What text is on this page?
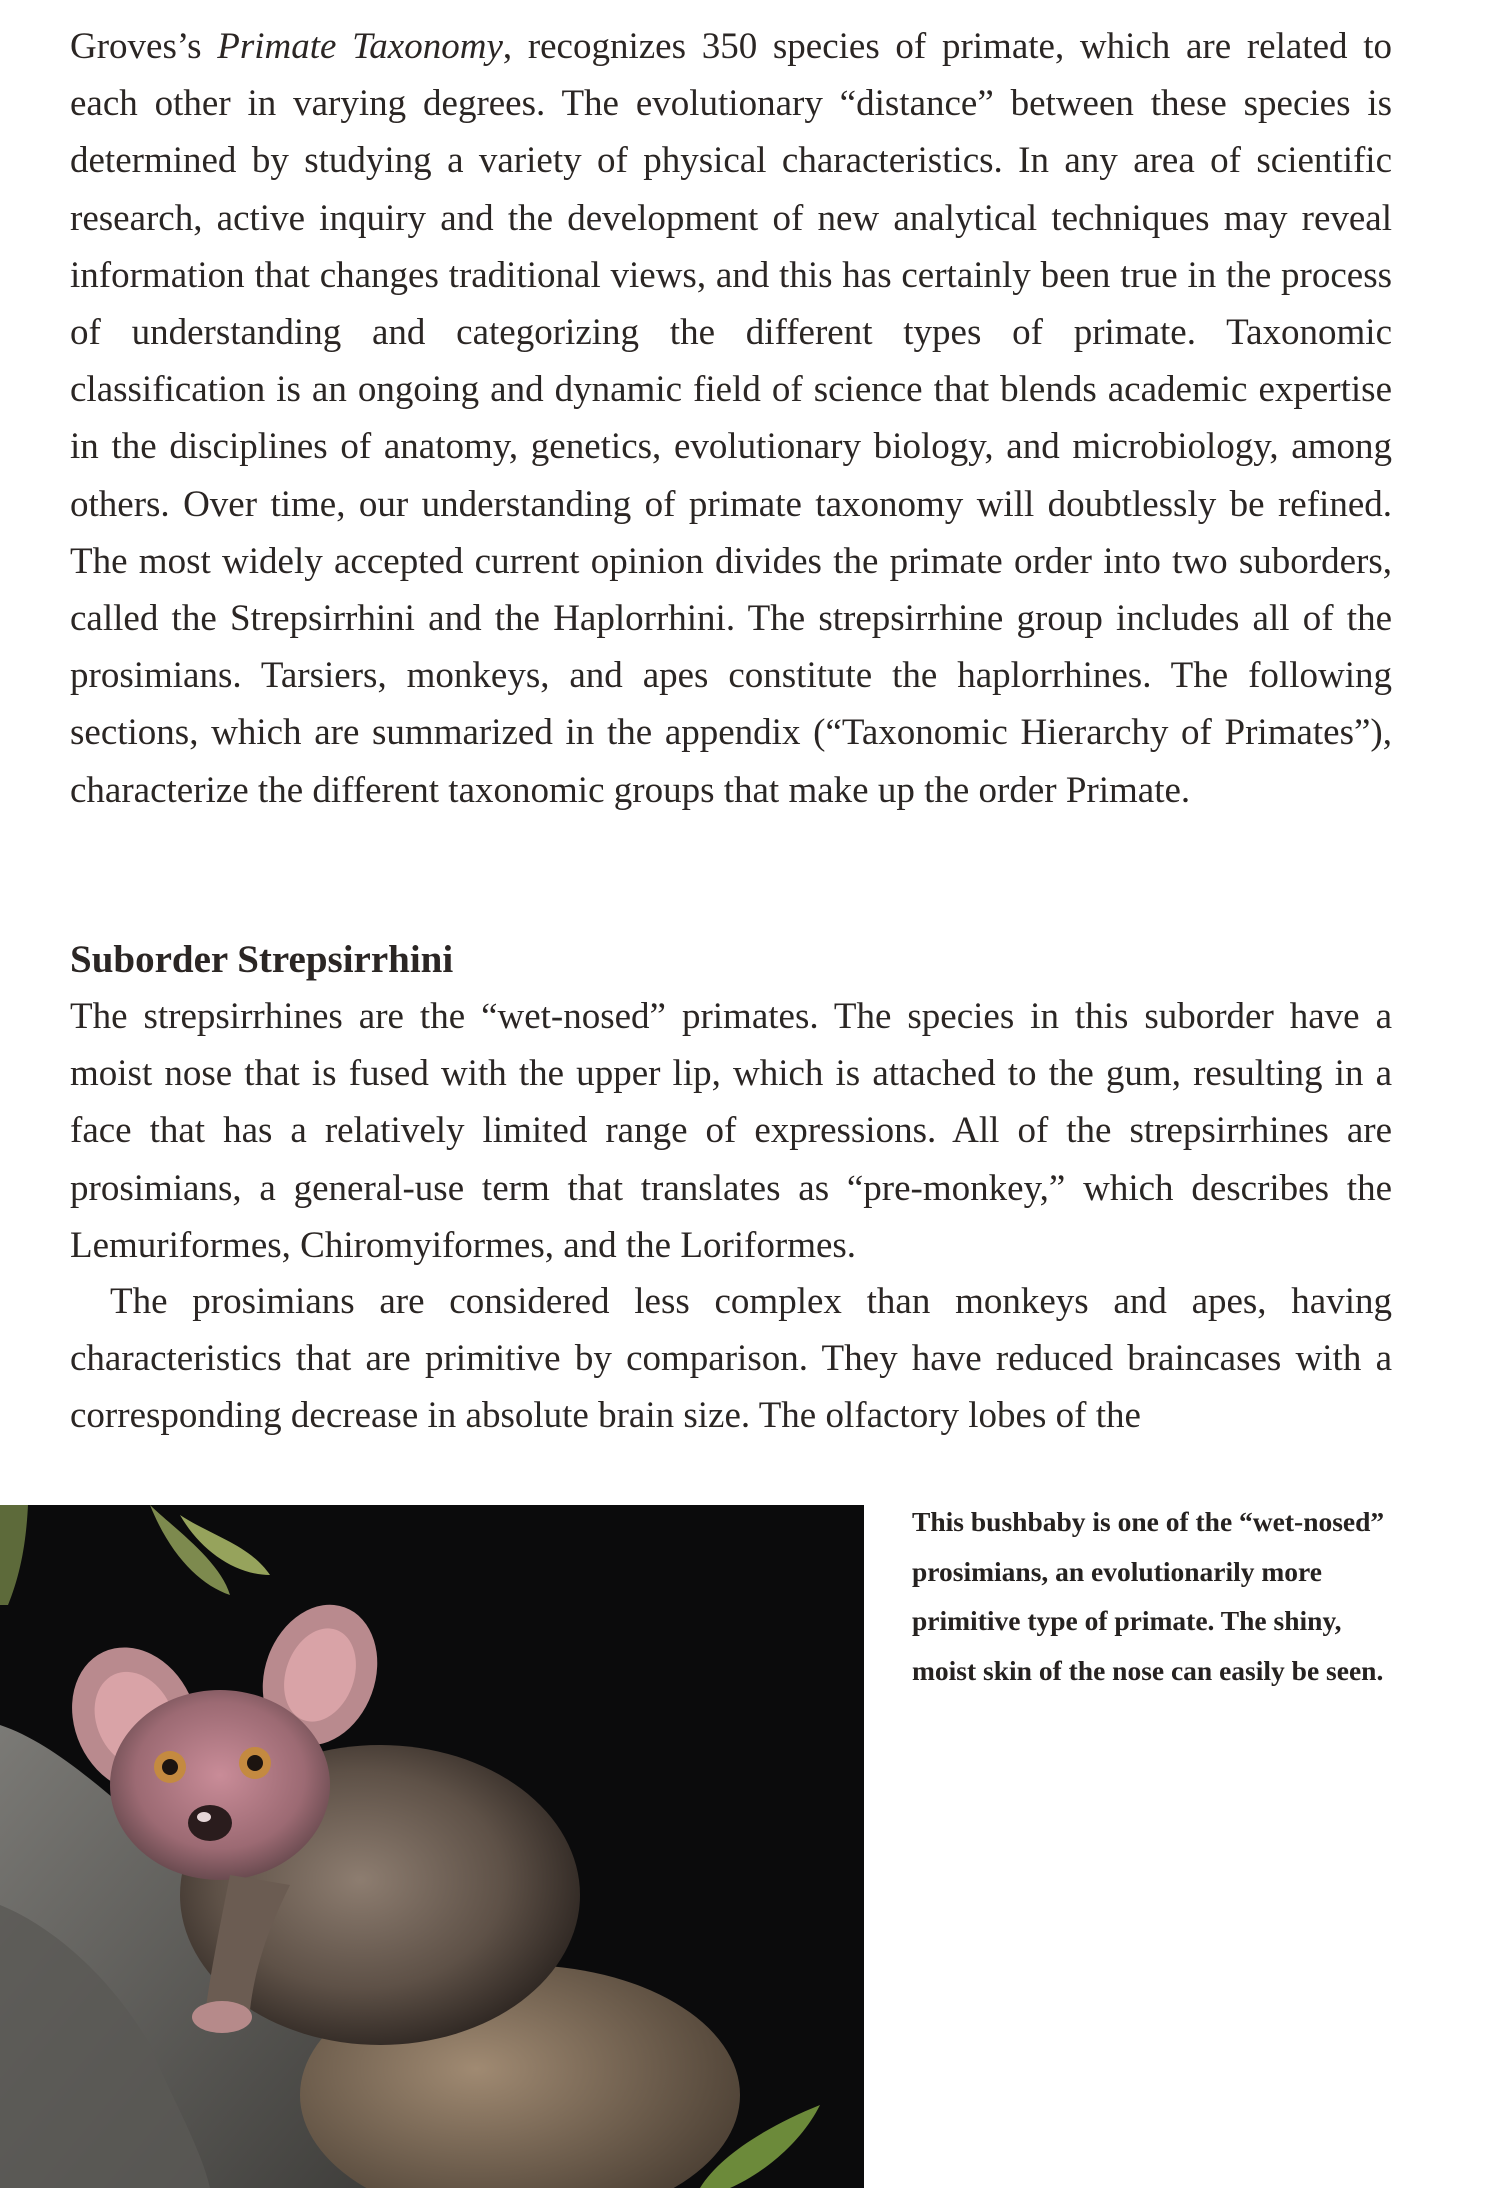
Groves’s Primate Taxonomy, recognizes 350 species of primate, which are related to each other in varying degrees. The evolutionary “distance” between these species is determined by studying a variety of physical characteristics. In any area of scientific research, active inquiry and the development of new analytical techniques may reveal information that changes traditional views, and this has certainly been true in the process of understanding and categorizing the different types of primate. Taxonomic classification is an ongoing and dynamic field of science that blends academic expertise in the disciplines of anatomy, genetics, evolutionary biology, and microbiology, among others. Over time, our understanding of primate taxonomy will doubtlessly be refined. The most widely accepted current opinion divides the primate order into two suborders, called the Strepsirrhini and the Haplorrhini. The strepsirrhine group includes all of the prosimians. Tarsiers, monkeys, and apes constitute the haplorrhines. The following sections, which are summarized in the appendix (“Taxonomic Hierarchy of Primates”), characterize the different taxonomic groups that make up the order Primate.

Suborder Strepsirrhini

The strepsirrhines are the “wet-nosed” primates. The species in this suborder have a moist nose that is fused with the upper lip, which is attached to the gum, resulting in a face that has a relatively limited range of expressions. All of the strepsirrhines are prosimians, a general-use term that translates as “pre-monkey,” which describes the Lemuriformes, Chiromyiformes, and the Loriformes.

The prosimians are considered less complex than monkeys and apes, having characteristics that are primitive by comparison. They have reduced braincases with a corresponding decrease in absolute brain size. The olfactory lobes of the

This bushbaby is one of the “wet-nosed” prosimians, an evolutionarily more primitive type of primate. The shiny, moist skin of the nose can easily be seen.
